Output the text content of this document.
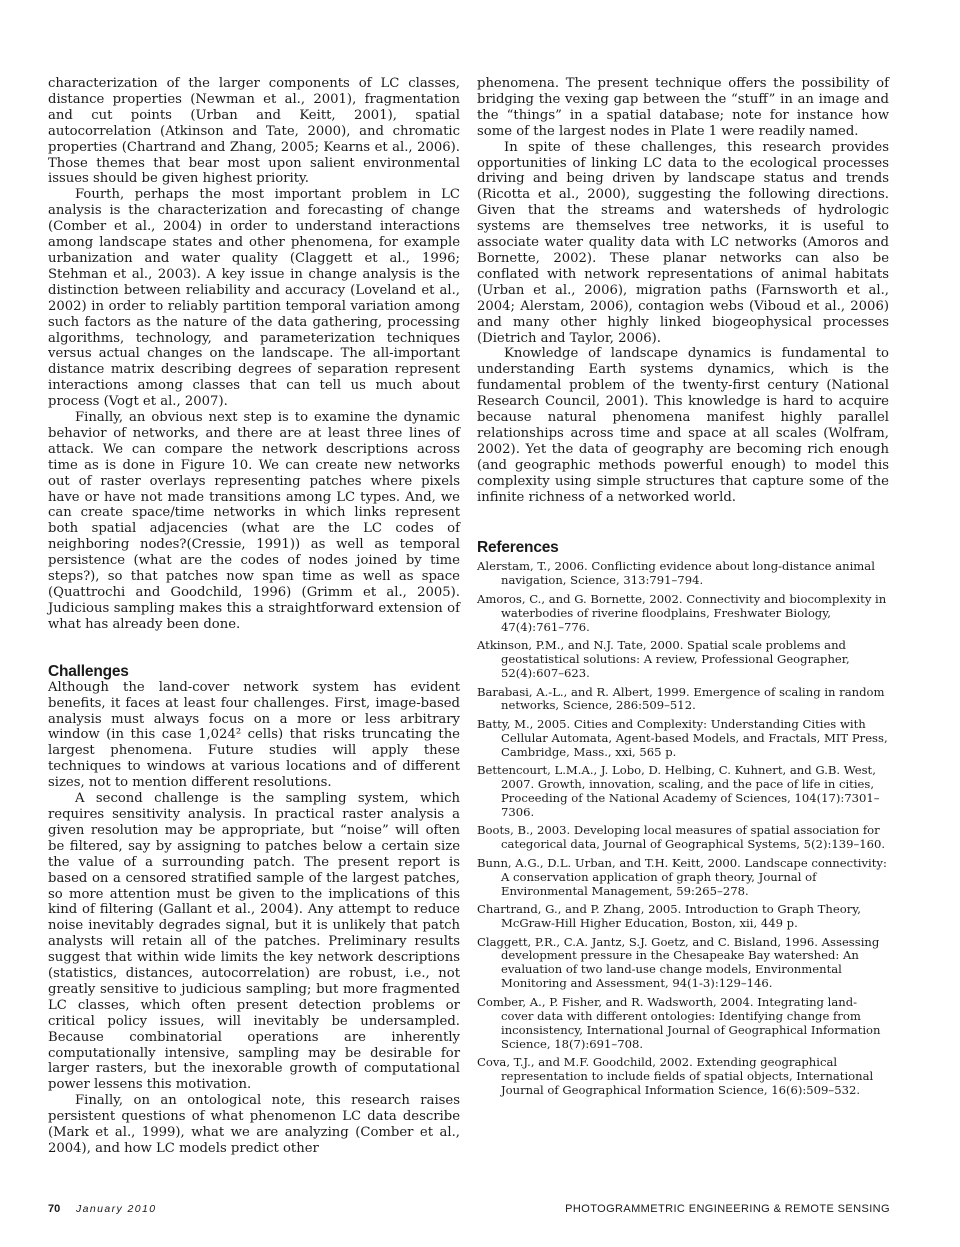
characterization of the larger components of LC classes, distance properties (Newman et al., 2001), fragmentation and cut points (Urban and Keitt, 2001), spatial autocorrelation (Atkinson and Tate, 2000), and chromatic properties (Chartrand and Zhang, 2005; Kearns et al., 2006). Those themes that bear most upon salient environmental issues should be given highest priority.

Fourth, perhaps the most important problem in LC analysis is the characterization and forecasting of change (Comber et al., 2004) in order to understand interactions among landscape states and other phenomena, for example urbanization and water quality (Claggett et al., 1996; Stehman et al., 2003). A key issue in change analysis is the distinction between reliability and accuracy (Loveland et al., 2002) in order to reliably partition temporal variation among such factors as the nature of the data gathering, processing algorithms, technology, and parameterization techniques versus actual changes on the landscape. The all-important distance matrix describing degrees of separation represent interactions among classes that can tell us much about process (Vogt et al., 2007).

Finally, an obvious next step is to examine the dynamic behavior of networks, and there are at least three lines of attack. We can compare the network descriptions across time as is done in Figure 10. We can create new networks out of raster overlays representing patches where pixels have or have not made transitions among LC types. And, we can create space/time networks in which links represent both spatial adjacencies (what are the LC codes of neighboring nodes?(Cressie, 1991)) as well as temporal persistence (what are the codes of nodes joined by time steps?), so that patches now span time as well as space (Quattrochi and Goodchild, 1996) (Grimm et al., 2005). Judicious sampling makes this a straightforward extension of what has already been done.

Challenges

Although the land-cover network system has evident benefits, it faces at least four challenges. First, image-based analysis must always focus on a more or less arbitrary window (in this case 1,024² cells) that risks truncating the largest phenomena. Future studies will apply these techniques to windows at various locations and of different sizes, not to mention different resolutions.

A second challenge is the sampling system, which requires sensitivity analysis. In practical raster analysis a given resolution may be appropriate, but “noise” will often be filtered, say by assigning to patches below a certain size the value of a surrounding patch. The present report is based on a censored stratified sample of the largest patches, so more attention must be given to the implications of this kind of filtering (Gallant et al., 2004). Any attempt to reduce noise inevitably degrades signal, but it is unlikely that patch analysts will retain all of the patches. Preliminary results suggest that within wide limits the key network descriptions (statistics, distances, autocorrelation) are robust, i.e., not greatly sensitive to judicious sampling; but more fragmented LC classes, which often present detection problems or critical policy issues, will inevitably be undersampled. Because combinatorial operations are inherently computationally intensive, sampling may be desirable for larger rasters, but the inexorable growth of computational power lessens this motivation.

Finally, on an ontological note, this research raises persistent questions of what phenomenon LC data describe (Mark et al., 1999), what we are analyzing (Comber et al., 2004), and how LC models predict other

phenomena. The present technique offers the possibility of bridging the vexing gap between the “stuff” in an image and the “things” in a spatial database; note for instance how some of the largest nodes in Plate 1 were readily named.

In spite of these challenges, this research provides opportunities of linking LC data to the ecological processes driving and being driven by landscape status and trends (Ricotta et al., 2000), suggesting the following directions. Given that the streams and watersheds of hydrologic systems are themselves tree networks, it is useful to associate water quality data with LC networks (Amoros and Bornette, 2002). These planar networks can also be conflated with network representations of animal habitats (Urban et al., 2006), migration paths (Farnsworth et al., 2004; Alerstam, 2006), contagion webs (Viboud et al., 2006) and many other highly linked biogeophysical processes (Dietrich and Taylor, 2006).

Knowledge of landscape dynamics is fundamental to understanding Earth systems dynamics, which is the fundamental problem of the twenty-first century (National Research Council, 2001). This knowledge is hard to acquire because natural phenomena manifest highly parallel relationships across time and space at all scales (Wolfram, 2002). Yet the data of geography are becoming rich enough (and geographic methods powerful enough) to model this complexity using simple structures that capture some of the infinite richness of a networked world.

References

Alerstam, T., 2006. Conflicting evidence about long-distance animal navigation, Science, 313:791–794.

Amoros, C., and G. Bornette, 2002. Connectivity and biocomplexity in waterbodies of riverine floodplains, Freshwater Biology, 47(4):761–776.

Atkinson, P.M., and N.J. Tate, 2000. Spatial scale problems and geostatistical solutions: A review, Professional Geographer, 52(4):607–623.

Barabasi, A.-L., and R. Albert, 1999. Emergence of scaling in random networks, Science, 286:509–512.

Batty, M., 2005. Cities and Complexity: Understanding Cities with Cellular Automata, Agent-based Models, and Fractals, MIT Press, Cambridge, Mass., xxi, 565 p.

Bettencourt, L.M.A., J. Lobo, D. Helbing, C. Kuhnert, and G.B. West, 2007. Growth, innovation, scaling, and the pace of life in cities, Proceeding of the National Academy of Sciences, 104(17):7301–7306.

Boots, B., 2003. Developing local measures of spatial association for categorical data, Journal of Geographical Systems, 5(2):139–160.

Bunn, A.G., D.L. Urban, and T.H. Keitt, 2000. Landscape connectivity: A conservation application of graph theory, Journal of Environmental Management, 59:265–278.

Chartrand, G., and P. Zhang, 2005. Introduction to Graph Theory, McGraw-Hill Higher Education, Boston, xii, 449 p.

Claggett, P.R., C.A. Jantz, S.J. Goetz, and C. Bisland, 1996. Assessing development pressure in the Chesapeake Bay watershed: An evaluation of two land-use change models, Environmental Monitoring and Assessment, 94(1-3):129–146.

Comber, A., P. Fisher, and R. Wadsworth, 2004. Integrating land-cover data with different ontologies: Identifying change from inconsistency, International Journal of Geographical Information Science, 18(7):691–708.

Cova, T.J., and M.F. Goodchild, 2002. Extending geographical representation to include fields of spatial objects, International Journal of Geographical Information Science, 16(6):509–532.

70 January 2010	PHOTOGRAMMETRIC ENGINEERING & REMOTE SENSING
